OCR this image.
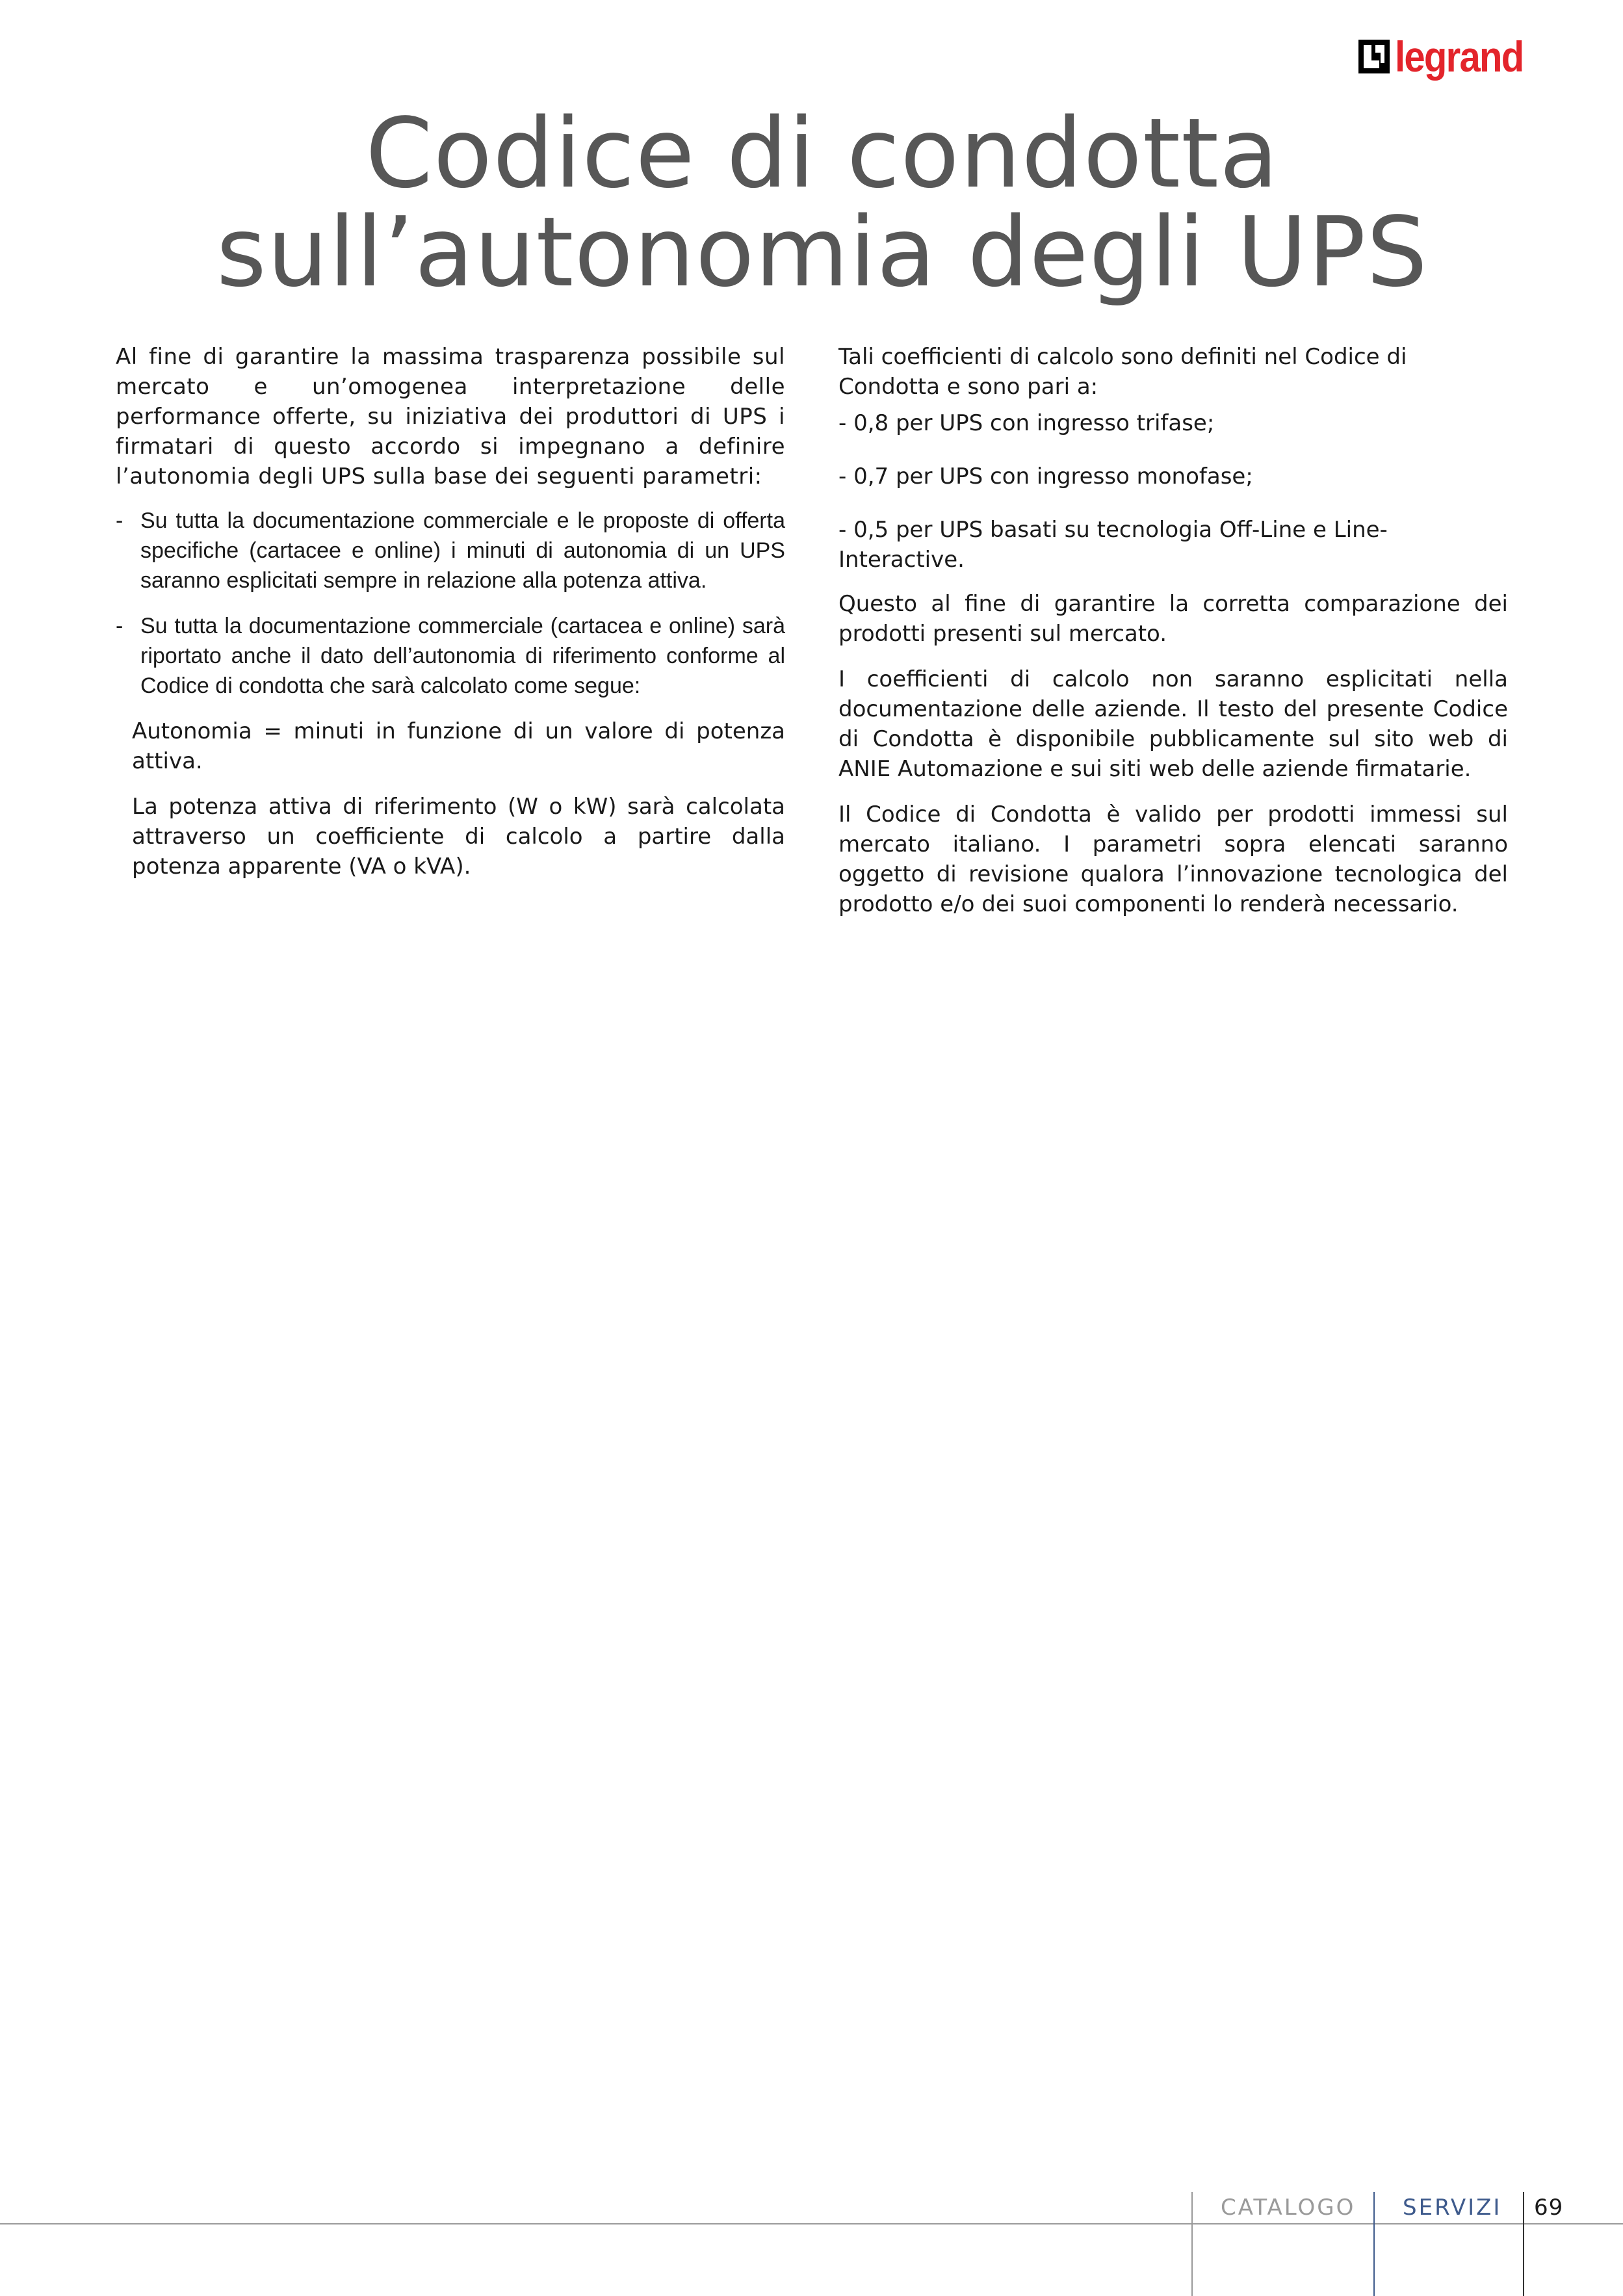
legrand
Codice di condotta
sull’autonomia degli UPS

Al fine di garantire la massima trasparenza possibile sul mercato e un’omogenea interpretazione delle performance offerte, su iniziativa dei produttori di UPS i firmatari di questo accordo si impegnano a definire l’autonomia degli UPS sulla base dei seguenti parametri:

- Su tutta la documentazione commerciale e le proposte di offerta specifiche (cartacee e online) i minuti di autonomia di un UPS saranno esplicitati sempre in relazione alla potenza attiva.
- Su tutta la documentazione commerciale (cartacea e online) sarà riportato anche il dato dell’autonomia di riferimento conforme al Codice di condotta che sarà calcolato come segue:

Autonomia = minuti in funzione di un valore di potenza attiva.

La potenza attiva di riferimento (W o kW) sarà calcolata attraverso un coefficiente di calcolo a partire dalla potenza apparente (VA o kVA).

Tali coefficienti di calcolo sono definiti nel Codice di Condotta e sono pari a:

- 0,8 per UPS con ingresso trifase;
- 0,7 per UPS con ingresso monofase;
- 0,5 per UPS basati su tecnologia Off-Line e Line-Interactive.

Questo al fine di garantire la corretta comparazione dei prodotti presenti sul mercato.

I coefficienti di calcolo non saranno esplicitati nella documentazione delle aziende. Il testo del presente Codice di Condotta è disponibile pubblicamente sul sito web di ANIE Automazione e sui siti web delle aziende firmatarie.

Il Codice di Condotta è valido per prodotti immessi sul mercato italiano. I parametri sopra elencati saranno oggetto di revisione qualora l’innovazione tecnologica del prodotto e/o dei suoi componenti lo renderà necessario.

CATALOGO SERVIZI 69
